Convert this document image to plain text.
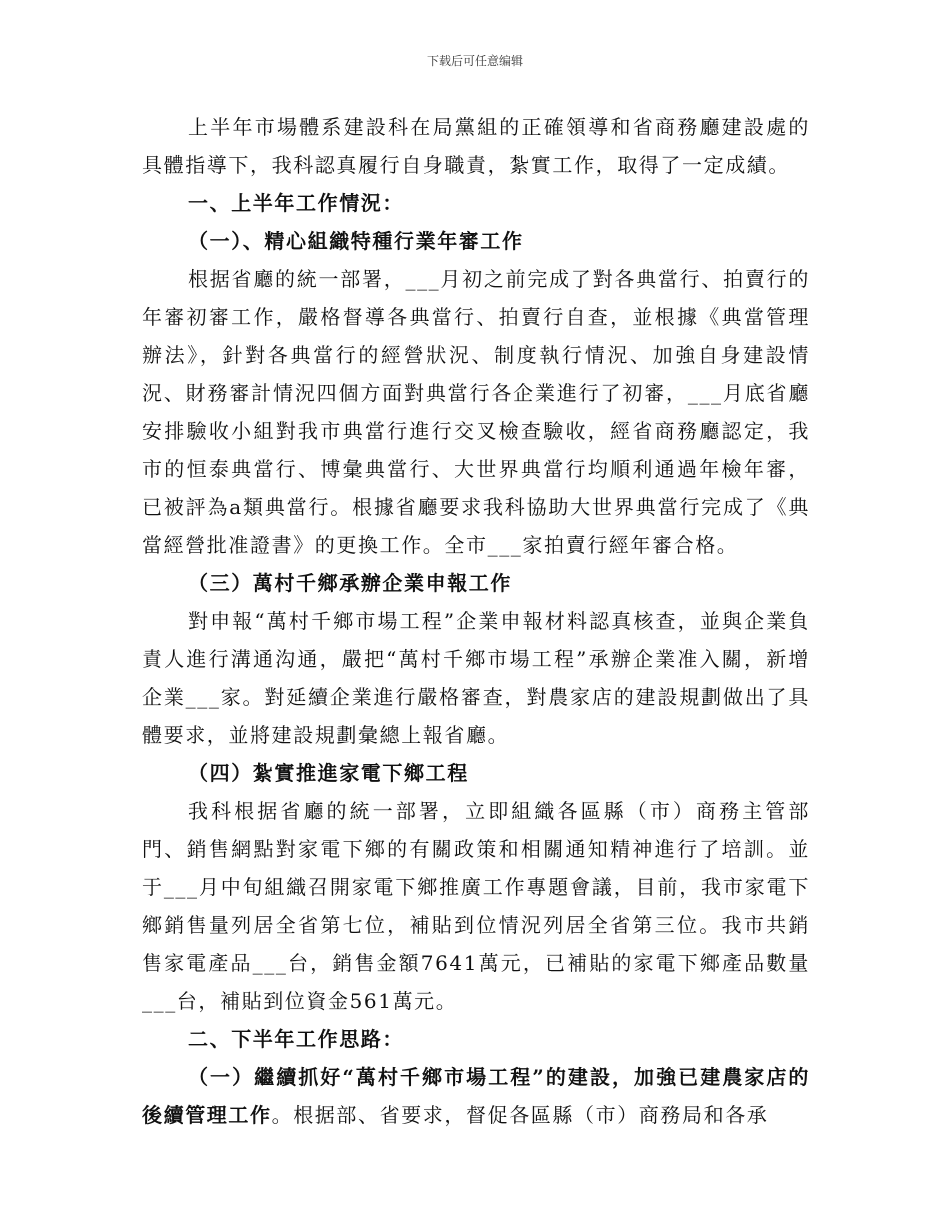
下载后可任意编辑

上半年市場體系建設科在局黨組的正確領導和省商務廳建設處的具體指導下，我科認真履行自身職責，紮實工作，取得了一定成績。

一、上半年工作情況：

（一）、精心組織特種行業年審工作

根据省廳的統一部署，___月初之前完成了對各典當行、拍賣行的年審初審工作，嚴格督導各典當行、拍賣行自查，並根據《典當管理辦法》，針對各典當行的經營狀況、制度執行情況、加強自身建設情況、財務審計情況四個方面對典當行各企業進行了初審，___月底省廳安排驗收小組對我市典當行進行交叉檢查驗收，經省商務廳認定，我市的恒泰典當行、博彙典當行、大世界典當行均順利通過年檢年審，已被評為a類典當行。根據省廳要求我科協助大世界典當行完成了《典當經營批准證書》的更換工作。全市___家拍賣行經年審合格。

（三）萬村千鄉承辦企業申報工作

對申報“萬村千鄉市場工程”企業申報材料認真核查，並與企業負責人進行溝通沟通，嚴把“萬村千鄉市場工程”承辦企業准入關，新增企業___家。對延續企業進行嚴格審查，對農家店的建設規劃做出了具體要求，並將建設規劃彙總上報省廳。

（四）紮實推進家電下鄉工程

我科根据省廳的統一部署，立即組織各區縣（市）商務主管部門、銷售網點對家電下鄉的有關政策和相關通知精神進行了培訓。並于___月中旬組織召開家電下鄉推廣工作專題會議，目前，我市家電下鄉銷售量列居全省第七位，補貼到位情況列居全省第三位。我市共銷售家電產品___台，銷售金額7641萬元，已補貼的家電下鄉產品數量___台，補貼到位資金561萬元。

二、下半年工作思路：

（一）繼續抓好“萬村千鄉市場工程”的建設，加強已建農家店的後續管理工作。根据部、省要求，督促各區縣（市）商務局和各承
